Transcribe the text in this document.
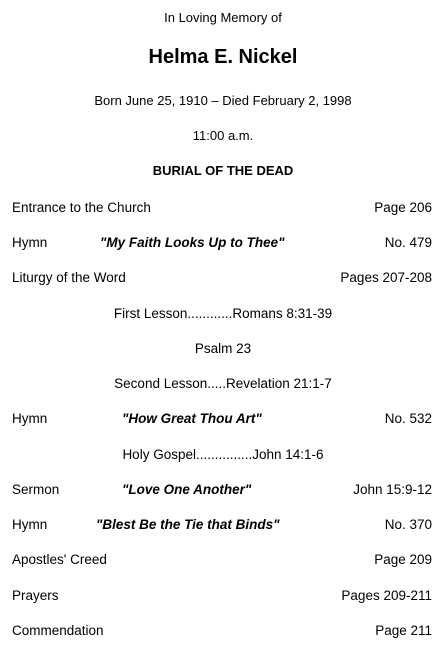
In Loving Memory of
Helma E. Nickel
Born June 25, 1910 – Died February 2, 1998
11:00 a.m.
BURIAL OF THE DEAD
Entrance to the Church	Page 206
Hymn	"My Faith Looks Up to Thee"	No. 479
Liturgy of the Word	Pages 207-208
First Lesson............Romans 8:31-39
Psalm 23
Second Lesson.....Revelation 21:1-7
Hymn	"How Great Thou Art"	No. 532
Holy Gospel...............John 14:1-6
Sermon	"Love One Another"	John 15:9-12
Hymn	"Blest Be the Tie that Binds"	No. 370
Apostles' Creed	Page 209
Prayers	Pages 209-211
Commendation	Page 211
